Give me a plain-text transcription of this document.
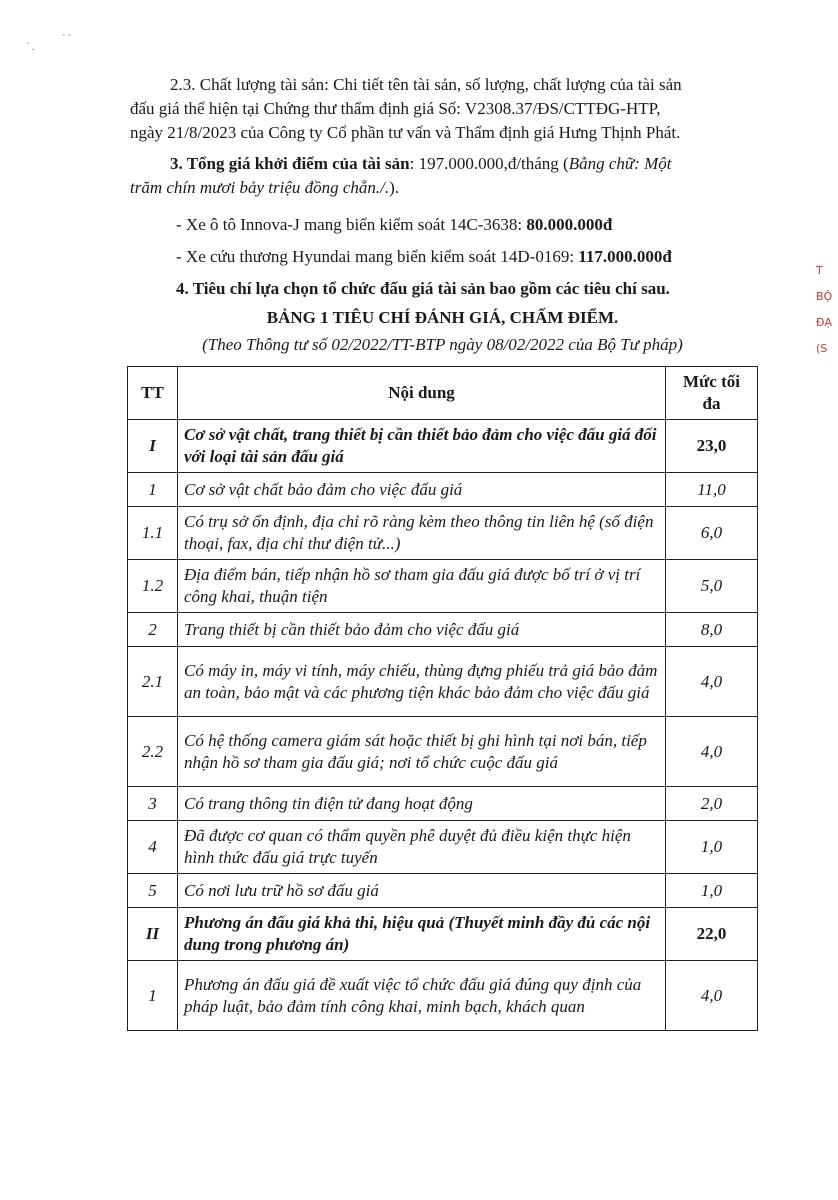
` .
` `
2.3. Chất lượng tài sản: Chi tiết tên tài sản, số lượng, chất lượng của tài sản
đấu giá thể hiện tại Chứng thư thẩm định giá Số: V2308.37/ĐS/CTTĐG-HTP,
ngày 21/8/2023 của Công ty Cổ phần tư vấn và Thẩm định giá Hưng Thịnh Phát.
3. Tổng giá khởi điểm của tài sản: 197.000.000,đ/tháng (Bằng chữ: Một
trăm chín mươi bảy triệu đồng chẵn./.).
- Xe ô tô Innova-J mang biển kiểm soát 14C-3638: 80.000.000đ
- Xe cứu thương Hyundai mang biển kiểm soát 14D-0169: 117.000.000đ
4. Tiêu chí lựa chọn tổ chức đấu giá tài sản bao gồm các tiêu chí sau.
BẢNG 1 TIÊU CHÍ ĐÁNH GIÁ, CHẤM ĐIỂM.
(Theo Thông tư số 02/2022/TT-BTP ngày 08/02/2022 của Bộ Tư pháp)
T
BỘ
ĐẠ
(S
TT	Nội dung	Mức tối đa
I	Cơ sở vật chất, trang thiết bị cần thiết bảo đảm cho việc đấu giá đối với loại tài sản đấu giá	23,0
1	Cơ sở vật chất bảo đảm cho việc đấu giá	11,0
1.1	Có trụ sở ổn định, địa chỉ rõ ràng kèm theo thông tin liên hệ (số điện thoại, fax, địa chỉ thư điện tử...)	6,0
1.2	Địa điểm bán, tiếp nhận hồ sơ tham gia đấu giá được bố trí ở vị trí công khai, thuận tiện	5,0
2	Trang thiết bị cần thiết bảo đảm cho việc đấu giá	8,0
2.1	Có máy in, máy vi tính, máy chiếu, thùng đựng phiếu trả giá bảo đảm an toàn, bảo mật và các phương tiện khác bảo đảm cho việc đấu giá	4,0
2.2	Có hệ thống camera giám sát hoặc thiết bị ghi hình tại nơi bán, tiếp nhận hồ sơ tham gia đấu giá; nơi tổ chức cuộc đấu giá	4,0
3	Có trang thông tin điện tử đang hoạt động	2,0
4	Đã được cơ quan có thẩm quyền phê duyệt đủ điều kiện thực hiện hình thức đấu giá trực tuyến	1,0
5	Có nơi lưu trữ hồ sơ đấu giá	1,0
II	Phương án đấu giá khả thi, hiệu quả (Thuyết minh đầy đủ các nội dung trong phương án)	22,0
1	Phương án đấu giá đề xuất việc tổ chức đấu giá đúng quy định của pháp luật, bảo đảm tính công khai, minh bạch, khách quan	4,0
